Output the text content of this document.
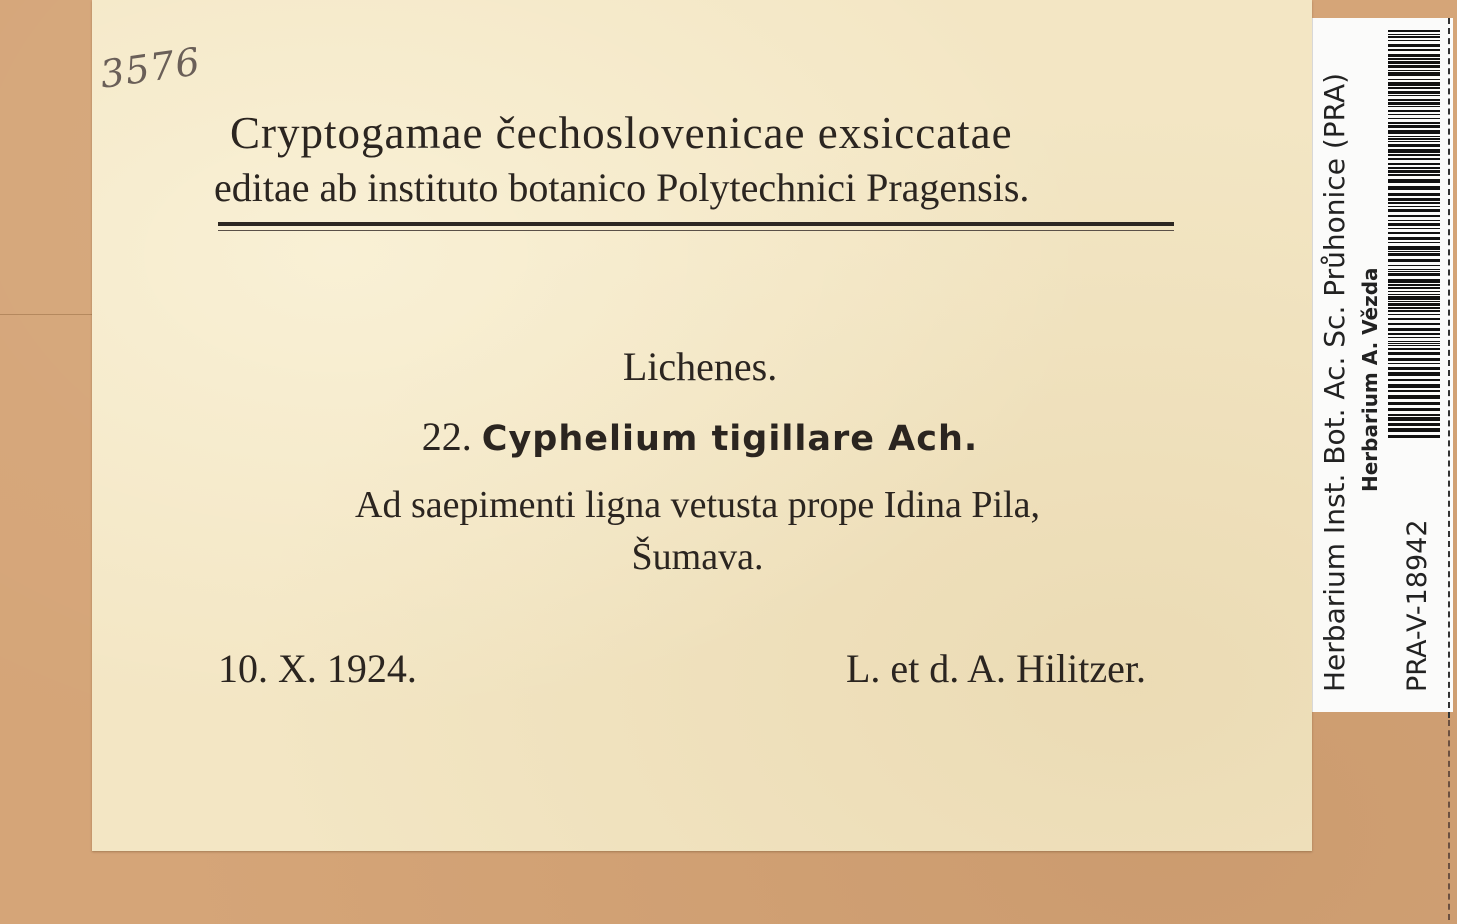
3576
Cryptogamae čechoslovenicae exsiccatae
editae ab instituto botanico Polytechnici Pragensis.
Lichenes.
22. Cyphelium tigillare Ach.
Ad saepimenti ligna vetusta prope Idina Pila,
Šumava.
10. X. 1924.	L. et d. A. Hilitzer.	Herbarium Inst. Bot. Ac. Sc. Průhonice (PRA) Herbarium A. Vězda
PRA-V-18942
